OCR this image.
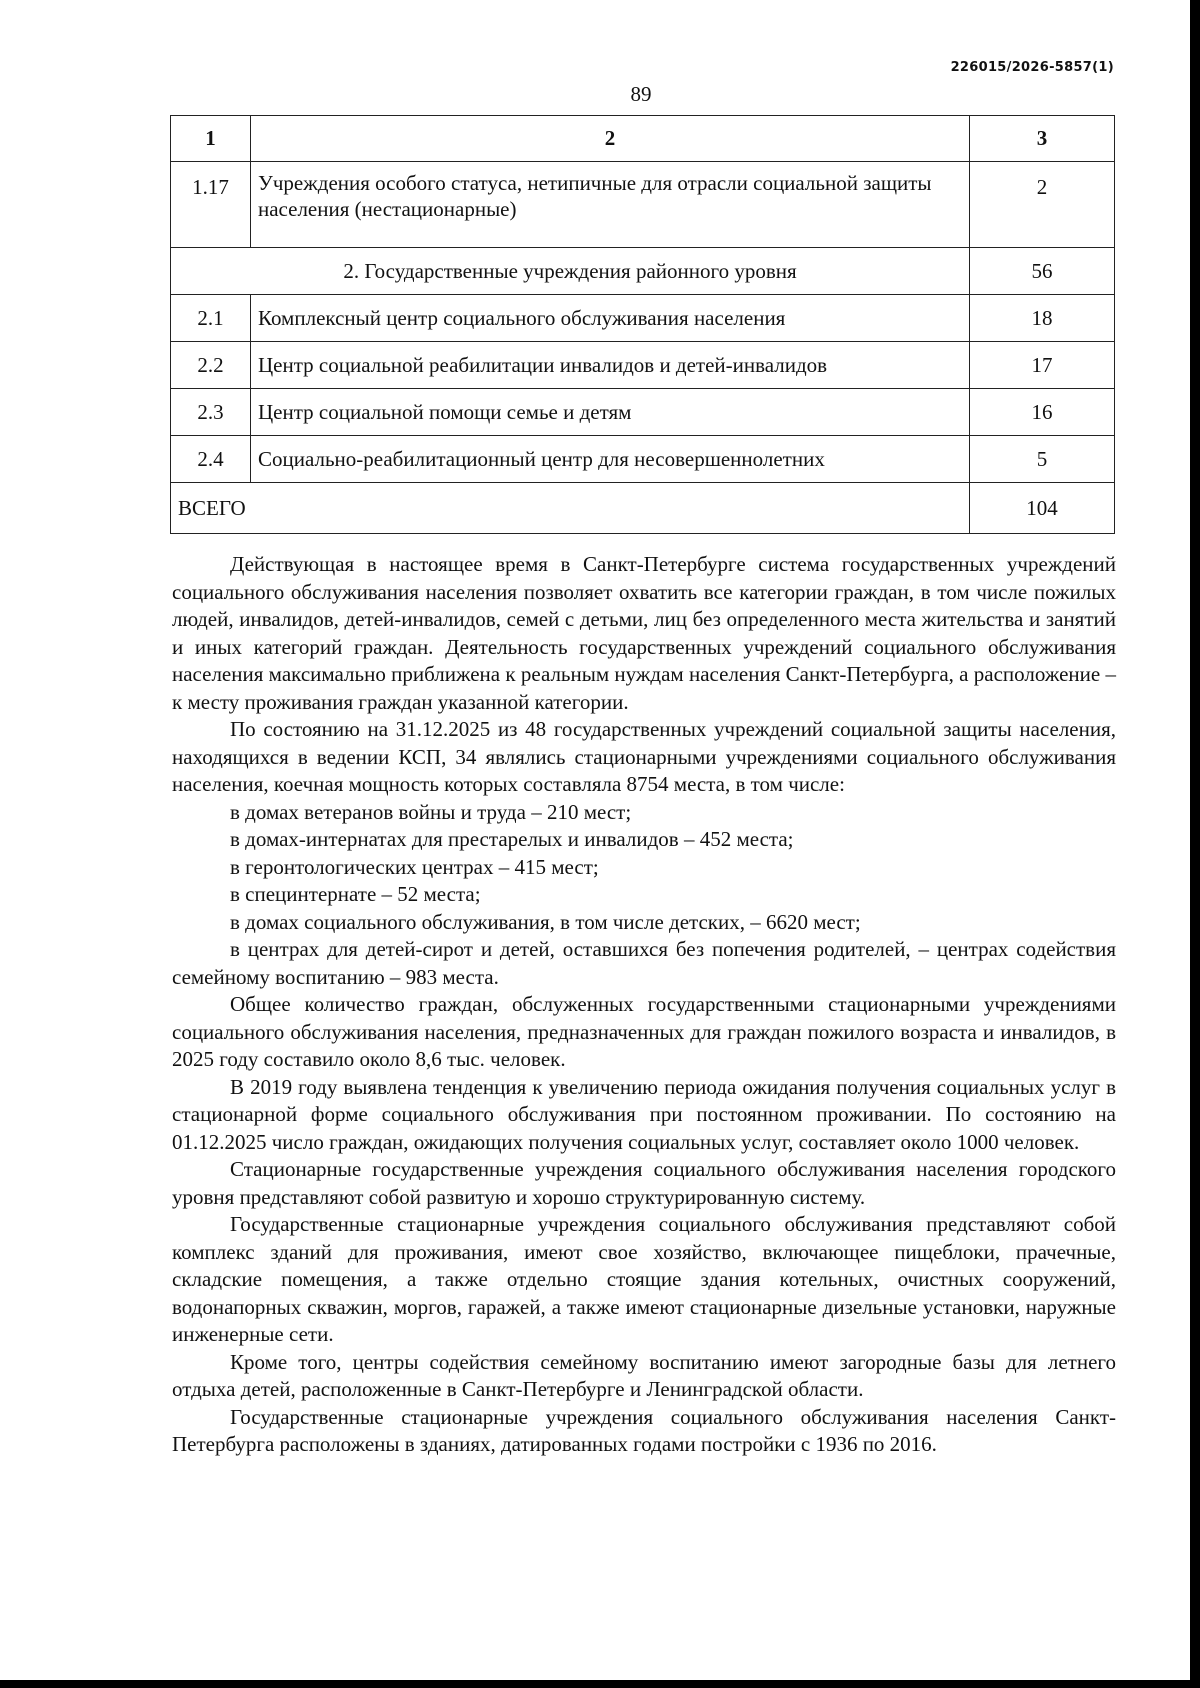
226015/2026-5857(1)
89
1	2	3
1.17	Учреждения особого статуса, нетипичные для отрасли социальной защиты населения (нестационарные)	2
2. Государственные учреждения районного уровня		56
2.1	Комплексный центр социального обслуживания населения	18
2.2	Центр социальной реабилитации инвалидов и детей-инвалидов	17
2.3	Центр социальной помощи семье и детям	16
2.4	Социально-реабилитационный центр для несовершеннолетних	5
ВСЕГО		104

Действующая в настоящее время в Санкт-Петербурге система государственных учреждений социального обслуживания населения позволяет охватить все категории граждан, в том числе пожилых людей, инвалидов, детей-инвалидов, семей с детьми, лиц без определенного места жительства и занятий и иных категорий граждан. Деятельность государственных учреждений социального обслуживания населения максимально приближена к реальным нуждам населения Санкт-Петербурга, а расположение – к месту проживания граждан указанной категории.

По состоянию на 31.12.2025 из 48 государственных учреждений социальной защиты населения, находящихся в ведении КСП, 34 являлись стационарными учреждениями социального обслуживания населения, коечная мощность которых составляла 8754 места, в том числе:

в домах ветеранов войны и труда – 210 мест;

в домах-интернатах для престарелых и инвалидов – 452 места;

в геронтологических центрах – 415 мест;

в специнтернате – 52 места;

в домах социального обслуживания, в том числе детских, – 6620 мест;

в центрах для детей-сирот и детей, оставшихся без попечения родителей, – центрах содействия семейному воспитанию – 983 места.

Общее количество граждан, обслуженных государственными стационарными учреждениями социального обслуживания населения, предназначенных для граждан пожилого возраста и инвалидов, в 2025 году составило около 8,6 тыс. человек.

В 2019 году выявлена тенденция к увеличению периода ожидания получения социальных услуг в стационарной форме социального обслуживания при постоянном проживании. По состоянию на 01.12.2025 число граждан, ожидающих получения социальных услуг, составляет около 1000 человек.

Стационарные государственные учреждения социального обслуживания населения городского уровня представляют собой развитую и хорошо структурированную систему.

Государственные стационарные учреждения социального обслуживания представляют собой комплекс зданий для проживания, имеют свое хозяйство, включающее пищеблоки, прачечные, складские помещения, а также отдельно стоящие здания котельных, очистных сооружений, водонапорных скважин, моргов, гаражей, а также имеют стационарные дизельные установки, наружные инженерные сети.

Кроме того, центры содействия семейному воспитанию имеют загородные базы для летнего отдыха детей, расположенные в Санкт-Петербурге и Ленинградской области.

Государственные стационарные учреждения социального обслуживания населения Санкт-Петербурга расположены в зданиях, датированных годами постройки с 1936 по 2016.
